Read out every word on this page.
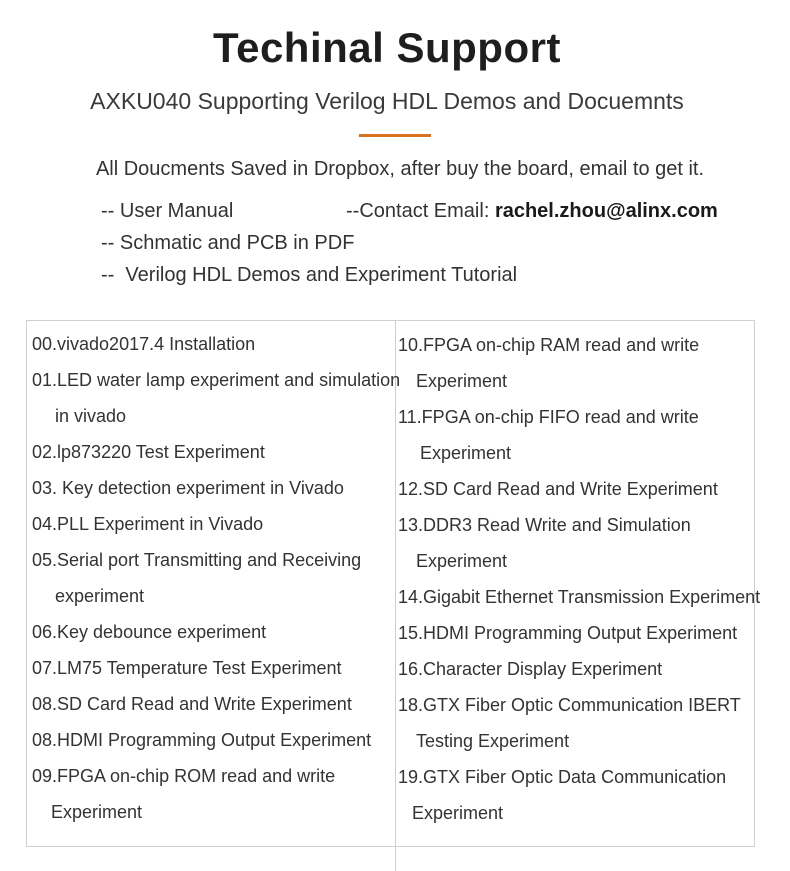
Techinal Support
AXKU040 Supporting Verilog HDL Demos and Docuemnts
All Doucments Saved in Dropbox, after buy the board, email to get it.
-- User Manual
-- Schmatic and PCB in PDF
--  Verilog HDL Demos and Experiment Tutorial
--Contact Email: rachel.zhou@alinx.com
00.vivado2017.4 Installation
01.LED water lamp experiment and simulation
in vivado
02.lp873220 Test Experiment
03. Key detection experiment in Vivado
04.PLL Experiment in Vivado
05.Serial port Transmitting and Receiving
experiment
06.Key debounce experiment
07.LM75 Temperature Test Experiment
08.SD Card Read and Write Experiment
08.HDMI Programming Output Experiment
09.FPGA on-chip ROM read and write
Experiment
10.FPGA on-chip RAM read and write
Experiment
11.FPGA on-chip FIFO read and write
Experiment
12.SD Card Read and Write Experiment
13.DDR3 Read Write and Simulation
Experiment
14.Gigabit Ethernet Transmission Experiment
15.HDMI Programming Output Experiment
16.Character Display Experiment
18.GTX Fiber Optic Communication IBERT
Testing Experiment
19.GTX Fiber Optic Data Communication
Experiment
